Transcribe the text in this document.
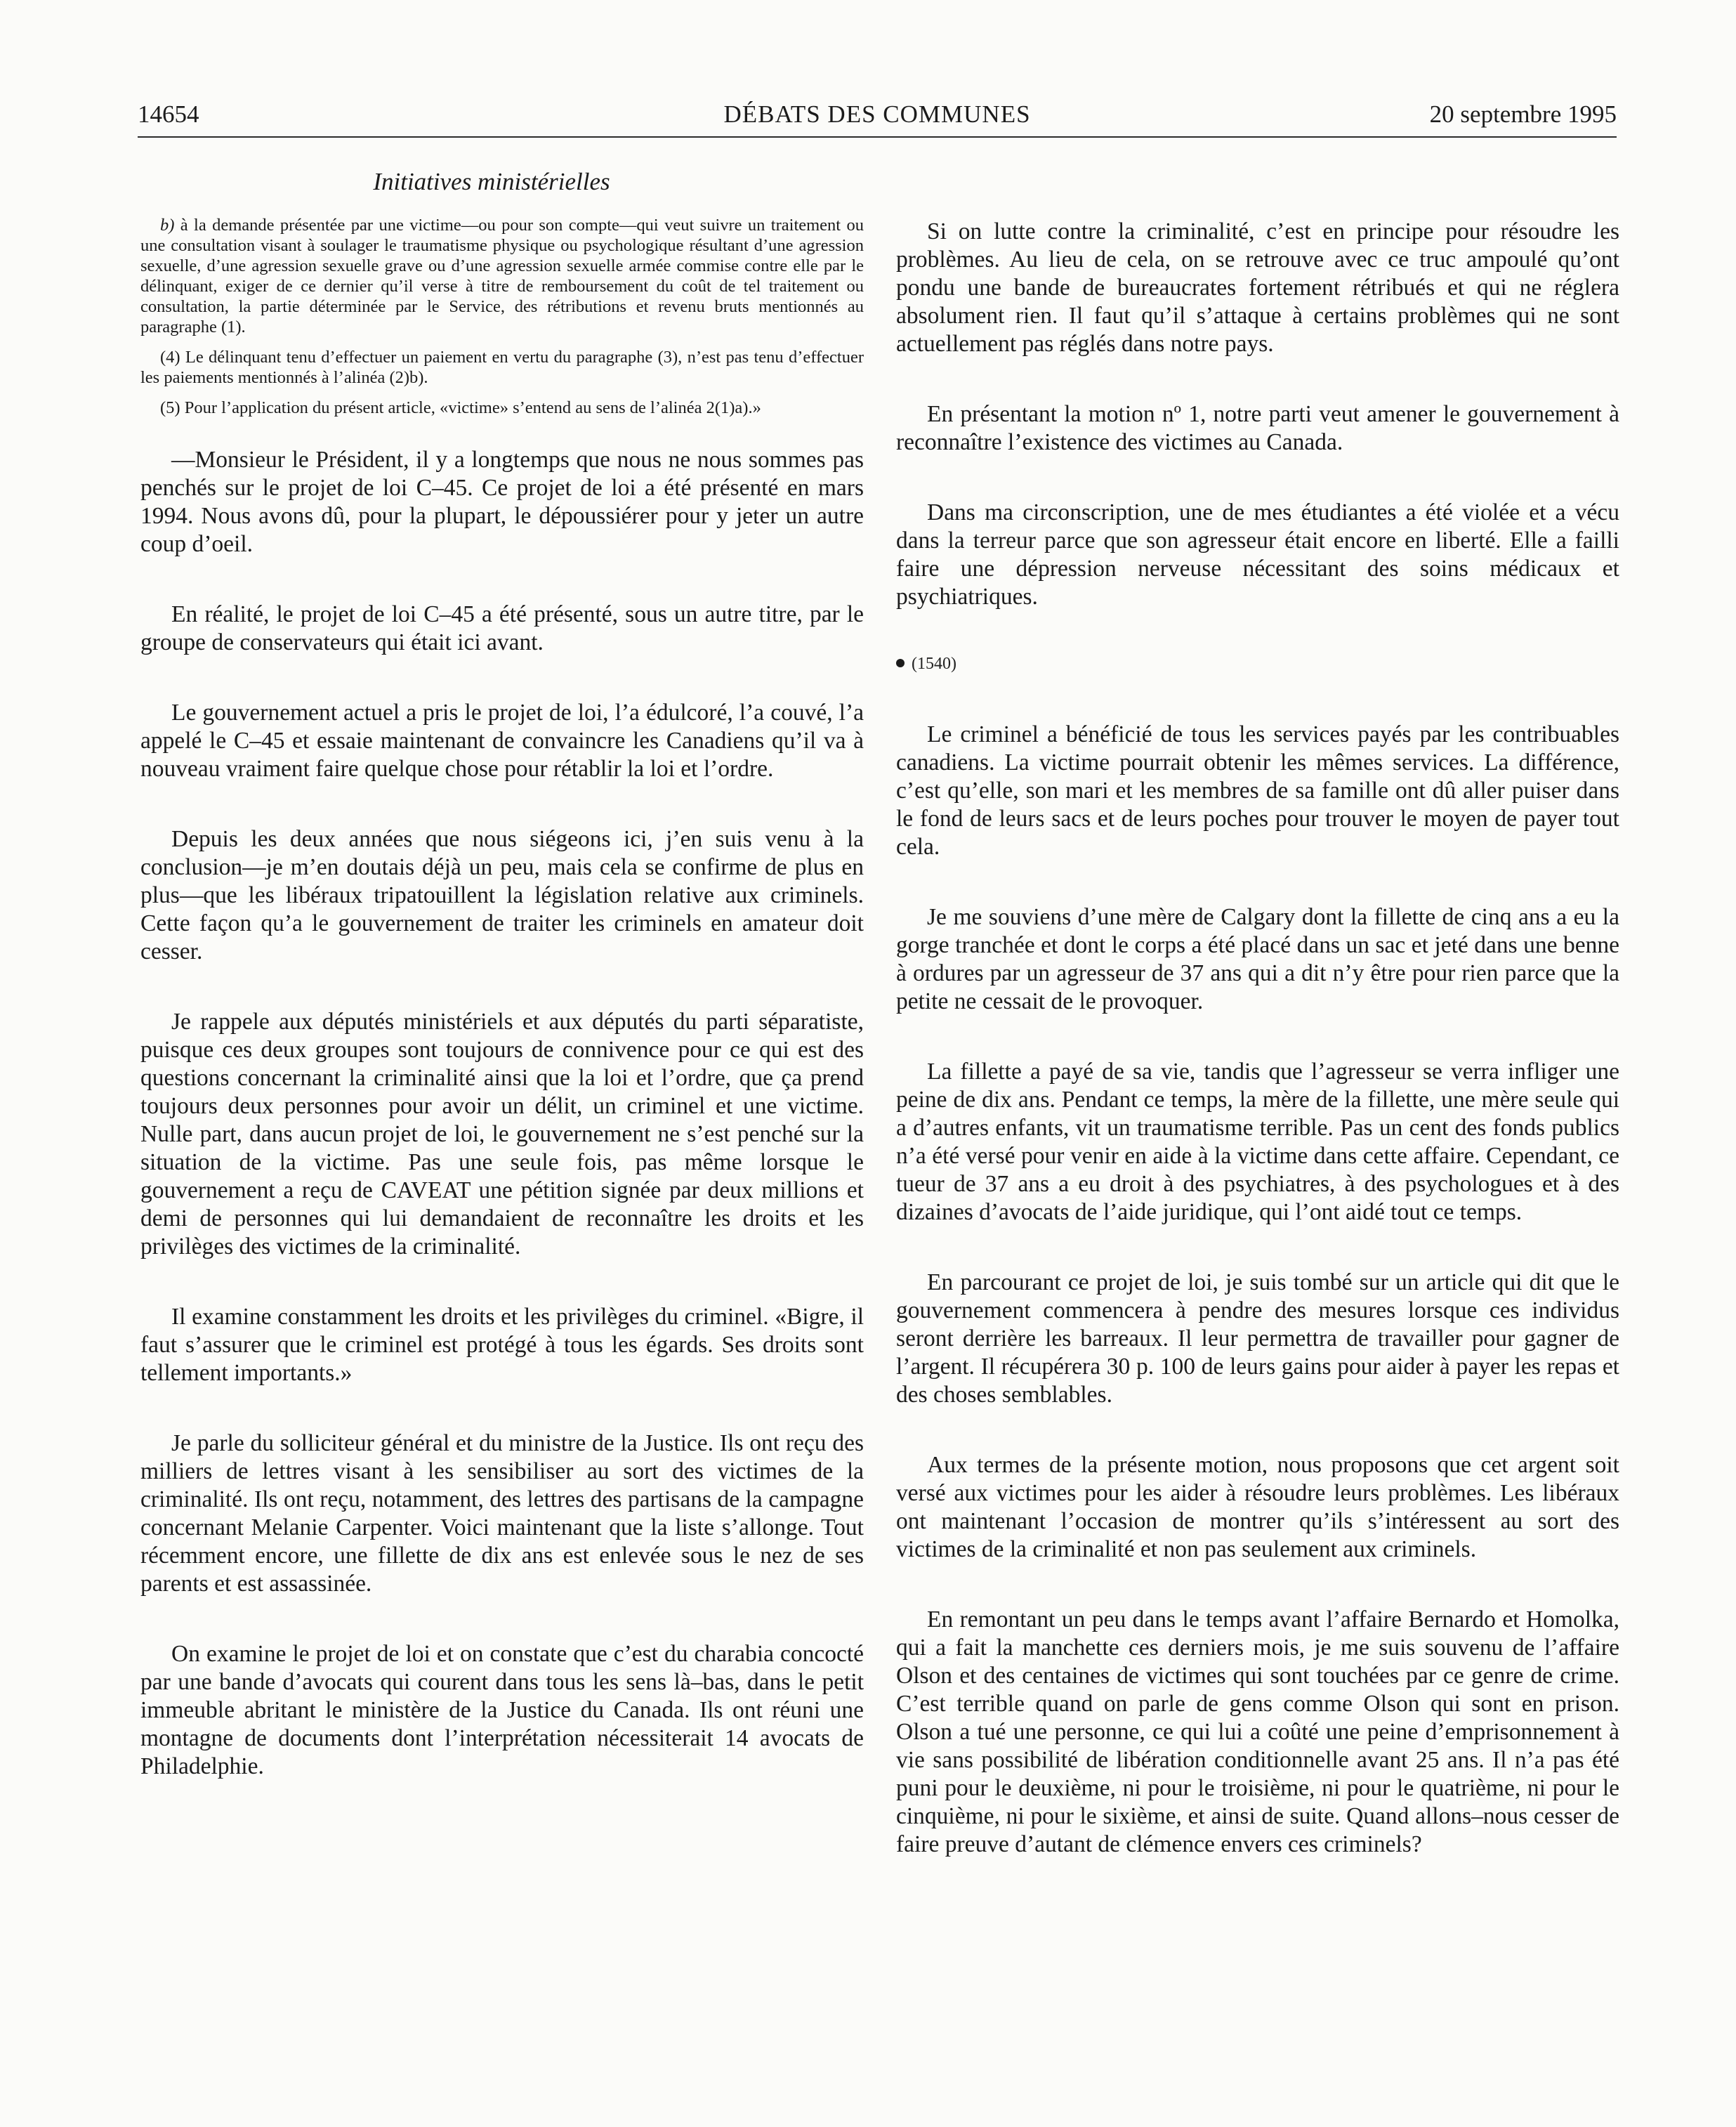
14654	DÉBATS DES COMMUNES	20 septembre 1995
Initiatives ministérielles

b) à la demande présentée par une victime—ou pour son compte—qui veut suivre un traitement ou une consultation visant à soulager le traumatisme physique ou psychologique résultant d’une agression sexuelle, d’une agression sexuelle grave ou d’une agression sexuelle armée commise contre elle par le délinquant, exiger de ce dernier qu’il verse à titre de remboursement du coût de tel traitement ou consultation, la partie déterminée par le Service, des rétributions et revenu bruts mentionnés au paragraphe (1).

(4) Le délinquant tenu d’effectuer un paiement en vertu du paragraphe (3), n’est pas tenu d’effectuer les paiements mentionnés à l’alinéa (2)b).

(5) Pour l’application du présent article, «victime» s’entend au sens de l’alinéa 2(1)a).»

—Monsieur le Président, il y a longtemps que nous ne nous sommes pas penchés sur le projet de loi C–45. Ce projet de loi a été présenté en mars 1994. Nous avons dû, pour la plupart, le dépoussiérer pour y jeter un autre coup d’oeil.

En réalité, le projet de loi C–45 a été présenté, sous un autre titre, par le groupe de conservateurs qui était ici avant.

Le gouvernement actuel a pris le projet de loi, l’a édulcoré, l’a couvé, l’a appelé le C–45 et essaie maintenant de convaincre les Canadiens qu’il va à nouveau vraiment faire quelque chose pour rétablir la loi et l’ordre.

Depuis les deux années que nous siégeons ici, j’en suis venu à la conclusion—je m’en doutais déjà un peu, mais cela se confirme de plus en plus—que les libéraux tripatouillent la législation relative aux criminels. Cette façon qu’a le gouvernement de traiter les criminels en amateur doit cesser.

Je rappele aux députés ministériels et aux députés du parti séparatiste, puisque ces deux groupes sont toujours de connivence pour ce qui est des questions concernant la criminalité ainsi que la loi et l’ordre, que ça prend toujours deux personnes pour avoir un délit, un criminel et une victime. Nulle part, dans aucun projet de loi, le gouvernement ne s’est penché sur la situation de la victime. Pas une seule fois, pas même lorsque le gouvernement a reçu de CAVEAT une pétition signée par deux millions et demi de personnes qui lui demandaient de reconnaître les droits et les privilèges des victimes de la criminalité.

Il examine constamment les droits et les privilèges du criminel. «Bigre, il faut s’assurer que le criminel est protégé à tous les égards. Ses droits sont tellement importants.»

Je parle du solliciteur général et du ministre de la Justice. Ils ont reçu des milliers de lettres visant à les sensibiliser au sort des victimes de la criminalité. Ils ont reçu, notamment, des lettres des partisans de la campagne concernant Melanie Carpenter. Voici maintenant que la liste s’allonge. Tout récemment encore, une fillette de dix ans est enlevée sous le nez de ses parents et est assassinée.

On examine le projet de loi et on constate que c’est du charabia concocté par une bande d’avocats qui courent dans tous les sens là–bas, dans le petit immeuble abritant le ministère de la Justice du Canada. Ils ont réuni une montagne de documents dont l’interprétation nécessiterait 14 avocats de Philadelphie.

Si on lutte contre la criminalité, c’est en principe pour résoudre les problèmes. Au lieu de cela, on se retrouve avec ce truc ampoulé qu’ont pondu une bande de bureaucrates fortement rétribués et qui ne réglera absolument rien. Il faut qu’il s’attaque à certains problèmes qui ne sont actuellement pas réglés dans notre pays.

En présentant la motion nº 1, notre parti veut amener le gouvernement à reconnaître l’existence des victimes au Canada.

Dans ma circonscription, une de mes étudiantes a été violée et a vécu dans la terreur parce que son agresseur était encore en liberté. Elle a failli faire une dépression nerveuse nécessitant des soins médicaux et psychiatriques.

(1540)

Le criminel a bénéficié de tous les services payés par les contribuables canadiens. La victime pourrait obtenir les mêmes services. La différence, c’est qu’elle, son mari et les membres de sa famille ont dû aller puiser dans le fond de leurs sacs et de leurs poches pour trouver le moyen de payer tout cela.

Je me souviens d’une mère de Calgary dont la fillette de cinq ans a eu la gorge tranchée et dont le corps a été placé dans un sac et jeté dans une benne à ordures par un agresseur de 37 ans qui a dit n’y être pour rien parce que la petite ne cessait de le provoquer.

La fillette a payé de sa vie, tandis que l’agresseur se verra infliger une peine de dix ans. Pendant ce temps, la mère de la fillette, une mère seule qui a d’autres enfants, vit un traumatisme terrible. Pas un cent des fonds publics n’a été versé pour venir en aide à la victime dans cette affaire. Cependant, ce tueur de 37 ans a eu droit à des psychiatres, à des psychologues et à des dizaines d’avocats de l’aide juridique, qui l’ont aidé tout ce temps.

En parcourant ce projet de loi, je suis tombé sur un article qui dit que le gouvernement commencera à pendre des mesures lorsque ces individus seront derrière les barreaux. Il leur permettra de travailler pour gagner de l’argent. Il récupérera 30 p. 100 de leurs gains pour aider à payer les repas et des choses semblables.

Aux termes de la présente motion, nous proposons que cet argent soit versé aux victimes pour les aider à résoudre leurs problèmes. Les libéraux ont maintenant l’occasion de montrer qu’ils s’intéressent au sort des victimes de la criminalité et non pas seulement aux criminels.

En remontant un peu dans le temps avant l’affaire Bernardo et Homolka, qui a fait la manchette ces derniers mois, je me suis souvenu de l’affaire Olson et des centaines de victimes qui sont touchées par ce genre de crime. C’est terrible quand on parle de gens comme Olson qui sont en prison. Olson a tué une personne, ce qui lui a coûté une peine d’emprisonnement à vie sans possibilité de libération conditionnelle avant 25 ans. Il n’a pas été puni pour le deuxième, ni pour le troisième, ni pour le quatrième, ni pour le cinquième, ni pour le sixième, et ainsi de suite. Quand allons–nous cesser de faire preuve d’autant de clémence envers ces criminels?
